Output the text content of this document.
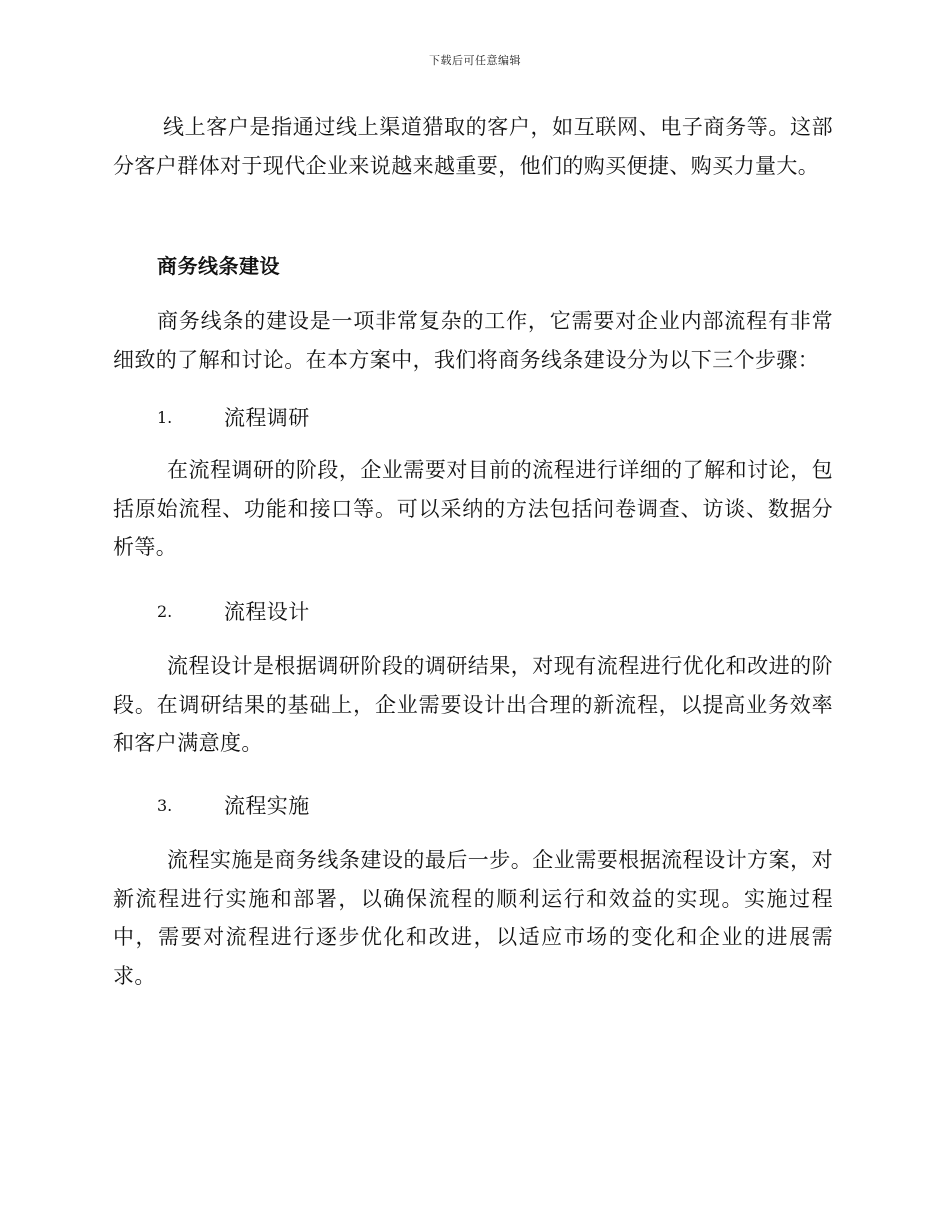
下载后可任意编辑

线上客户是指通过线上渠道猎取的客户，如互联网、电子商务等。这部分客户群体对于现代企业来说越来越重要，他们的购买便捷、购买力量大。

商务线条建设

商务线条的建设是一项非常复杂的工作，它需要对企业内部流程有非常细致的了解和讨论。在本方案中，我们将商务线条建设分为以下三个步骤：

1. 流程调研

在流程调研的阶段，企业需要对目前的流程进行详细的了解和讨论，包括原始流程、功能和接口等。可以采纳的方法包括问卷调查、访谈、数据分析等。

2. 流程设计

流程设计是根据调研阶段的调研结果，对现有流程进行优化和改进的阶段。在调研结果的基础上，企业需要设计出合理的新流程，以提高业务效率和客户满意度。

3. 流程实施

流程实施是商务线条建设的最后一步。企业需要根据流程设计方案，对新流程进行实施和部署，以确保流程的顺利运行和效益的实现。实施过程中，需要对流程进行逐步优化和改进，以适应市场的变化和企业的进展需求。
